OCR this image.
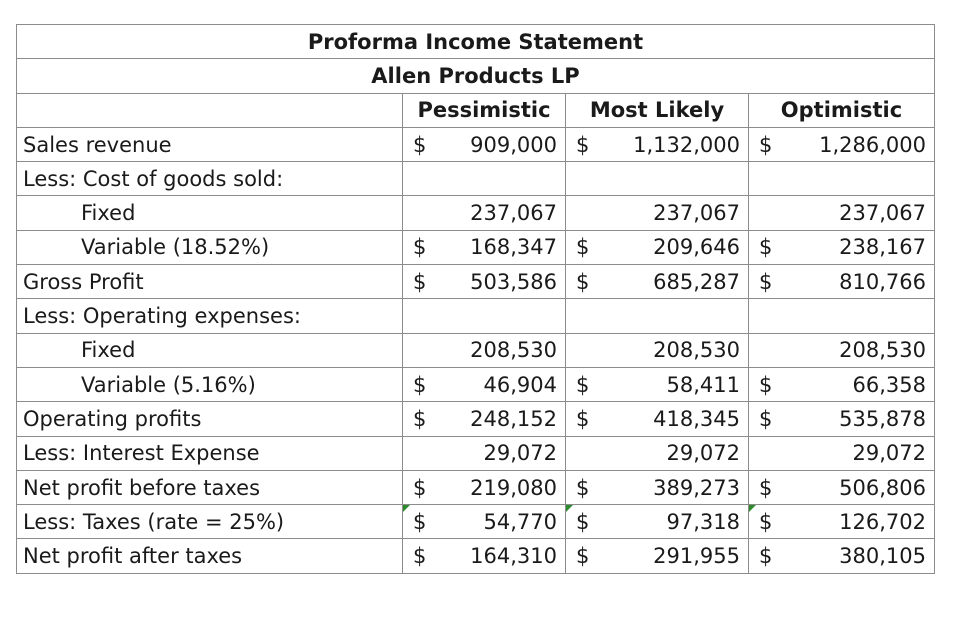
Proforma Income Statement			
Allen Products LP			
	Pessimistic	Most Likely	Optimistic
Sales revenue	$ 909,000	$ 1,132,000	$ 1,286,000

Less: Cost of goods sold:	

Fixed	237,067	237,067	237,067

Variable (18.52%)	$ 168,347	$ 209,646	$ 238,167

Gross Profit	$ 503,586	$ 685,287	$ 810,766

Less: Operating expenses:	

Fixed	208,530	208,530	208,530

Variable (5.16%)	$ 46,904	$ 58,411	$ 66,358

Operating profits	$ 248,152	$ 418,345	$ 535,878

Less: Interest Expense	29,072	29,072	29,072

Net profit before taxes	$ 219,080	$ 389,273	$ 506,806

Less: Taxes (rate = 25%)	$ 54,770	$ 97,318	$ 126,702

Net profit after taxes	$ 164,310	$ 291,955	$ 380,105
